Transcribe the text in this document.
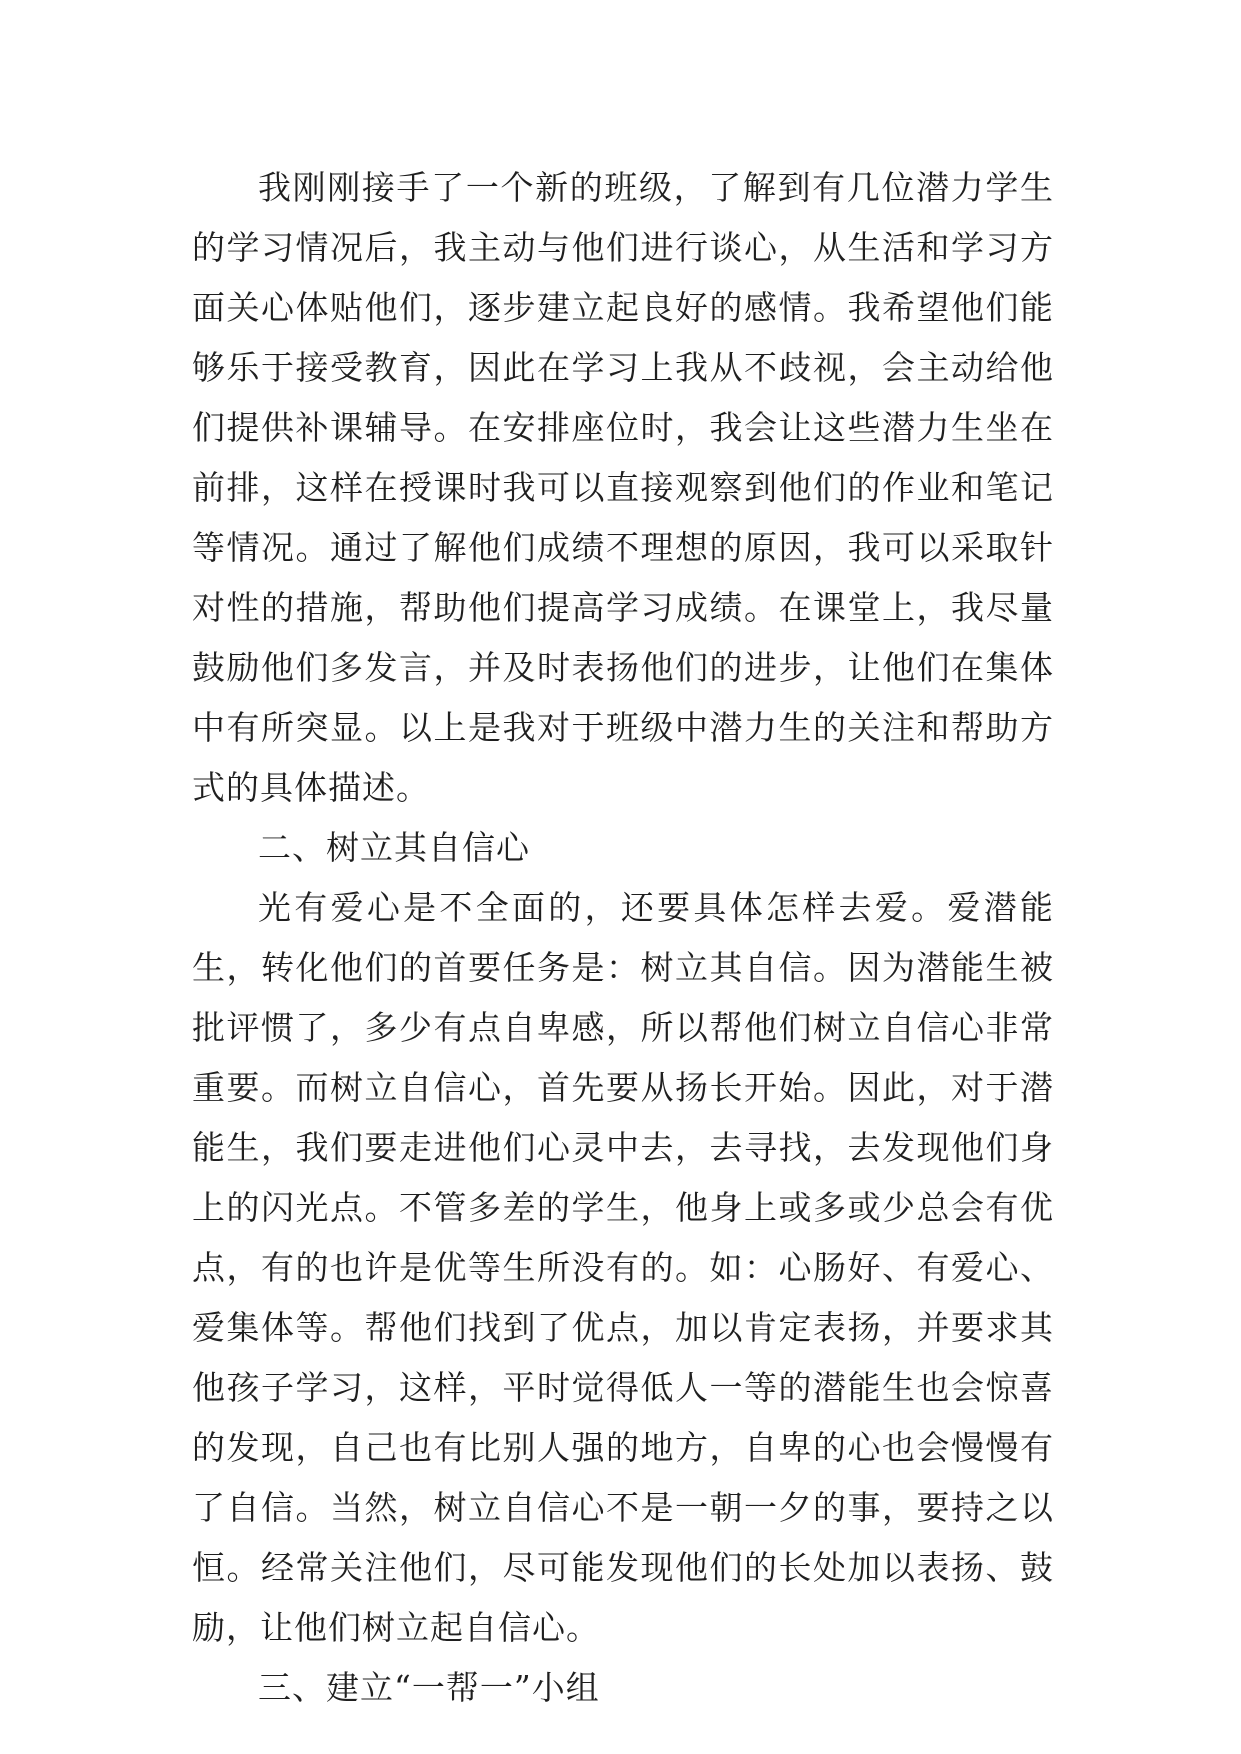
我刚刚接手了一个新的班级，了解到有几位潜力学生的学习情况后，我主动与他们进行谈心，从生活和学习方面关心体贴他们，逐步建立起良好的感情。我希望他们能够乐于接受教育，因此在学习上我从不歧视，会主动给他们提供补课辅导。在安排座位时，我会让这些潜力生坐在前排，这样在授课时我可以直接观察到他们的作业和笔记等情况。通过了解他们成绩不理想的原因，我可以采取针对性的措施，帮助他们提高学习成绩。在课堂上，我尽量鼓励他们多发言，并及时表扬他们的进步，让他们在集体中有所突显。以上是我对于班级中潜力生的关注和帮助方式的具体描述。

二、树立其自信心

光有爱心是不全面的，还要具体怎样去爱。爱潜能生，转化他们的首要任务是：树立其自信。因为潜能生被批评惯了，多少有点自卑感，所以帮他们树立自信心非常重要。而树立自信心，首先要从扬长开始。因此，对于潜能生，我们要走进他们心灵中去，去寻找，去发现他们身上的闪光点。不管多差的学生，他身上或多或少总会有优点，有的也许是优等生所没有的。如：心肠好、有爱心、爱集体等。帮他们找到了优点，加以肯定表扬，并要求其他孩子学习，这样，平时觉得低人一等的潜能生也会惊喜的发现，自己也有比别人强的地方，自卑的心也会慢慢有了自信。当然，树立自信心不是一朝一夕的事，要持之以恒。经常关注他们，尽可能发现他们的长处加以表扬、鼓励，让他们树立起自信心。

三、建立“一帮一”小组
